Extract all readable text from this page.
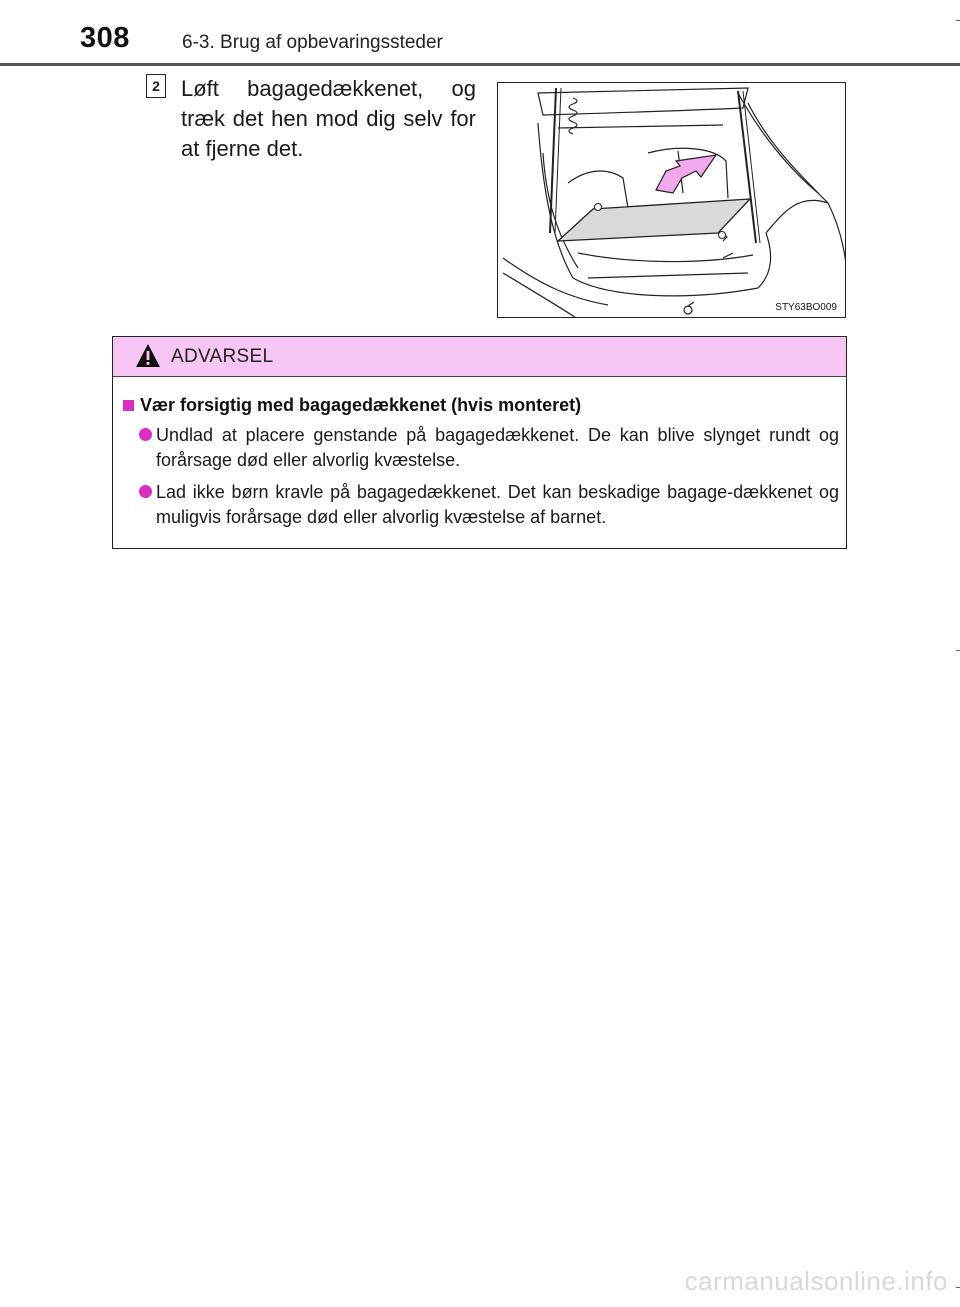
308	6-3. Brug af opbevaringssteder
2 Løft bagagedækkenet, og træk det hen mod dig selv for at fjerne det.
STY63BO009
ADVARSEL
Vær forsigtig med bagagedækkenet (hvis monteret)
Undlad at placere genstande på bagagedækkenet. De kan blive slynget rundt og forårsage død eller alvorlig kvæstelse.
Lad ikke børn kravle på bagagedækkenet. Det kan beskadige bagage-dækkenet og muligvis forårsage død eller alvorlig kvæstelse af barnet.
carmanualsonline.info
